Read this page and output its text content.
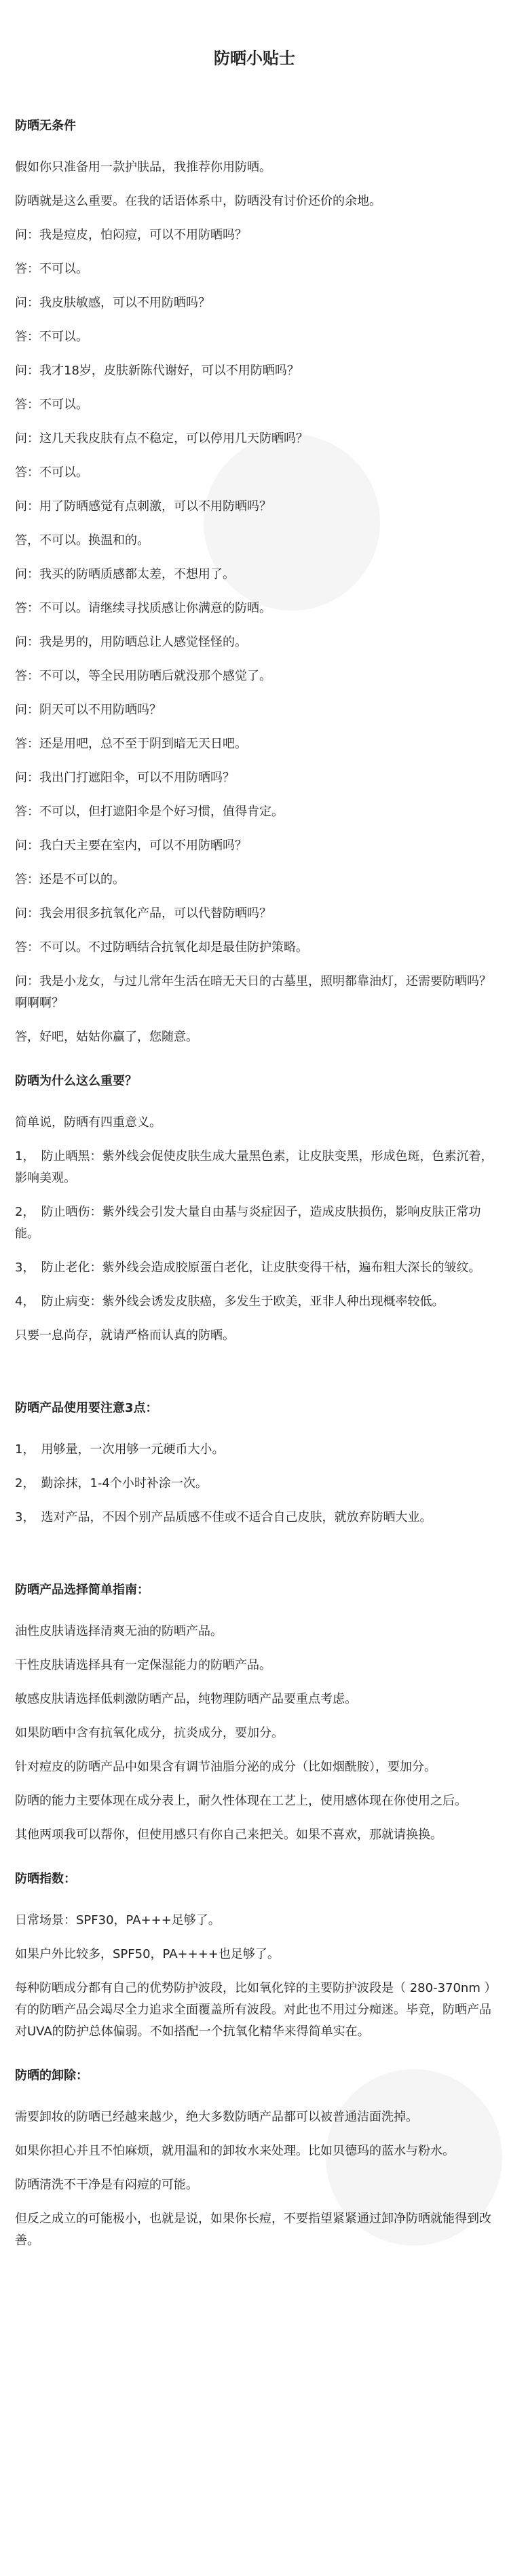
防晒小贴士
防晒无条件

假如你只准备用一款护肤品，我推荐你用防晒。

防晒就是这么重要。在我的话语体系中，防晒没有讨价还价的余地。

问：我是痘皮，怕闷痘，可以不用防晒吗？

答：不可以。

问：我皮肤敏感，可以不用防晒吗？

答：不可以。

问：我才18岁，皮肤新陈代谢好，可以不用防晒吗？

答：不可以。

问：这几天我皮肤有点不稳定，可以停用几天防晒吗？

答：不可以。

问：用了防晒感觉有点刺激，可以不用防晒吗？

答，不可以。换温和的。

问：我买的防晒质感都太差，不想用了。

答：不可以。请继续寻找质感让你满意的防晒。

问：我是男的，用防晒总让人感觉怪怪的。

答：不可以，等全民用防晒后就没那个感觉了。

问：阴天可以不用防晒吗？

答：还是用吧，总不至于阴到暗无天日吧。

问：我出门打遮阳伞，可以不用防晒吗？

答：不可以，但打遮阳伞是个好习惯，值得肯定。

问：我白天主要在室内，可以不用防晒吗？

答：还是不可以的。

问：我会用很多抗氧化产品，可以代替防晒吗？

答：不可以。不过防晒结合抗氧化却是最佳防护策略。

问：我是小龙女，与过儿常年生活在暗无天日的古墓里，照明都靠油灯，还需要防晒吗？啊啊啊？

答，好吧，姑姑你赢了，您随意。

防晒为什么这么重要？

简单说，防晒有四重意义。

1，　防止晒黑：紫外线会促使皮肤生成大量黑色素，让皮肤变黑，形成色斑，色素沉着，影响美观。

2，　防止晒伤：紫外线会引发大量自由基与炎症因子，造成皮肤损伤，影响皮肤正常功能。

3，　防止老化：紫外线会造成胶原蛋白老化，让皮肤变得干枯，遍布粗大深长的皱纹。

4，　防止病变：紫外线会诱发皮肤癌，多发生于欧美，亚非人种出现概率较低。

只要一息尚存，就请严格而认真的防晒。

防晒产品使用要注意3点：

1，　用够量，一次用够一元硬币大小。

2，　勤涂抹，1-4个小时补涂一次。

3，　选对产品，不因个别产品质感不佳或不适合自己皮肤，就放弃防晒大业。

防晒产品选择简单指南：

油性皮肤请选择清爽无油的防晒产品。

干性皮肤请选择具有一定保湿能力的防晒产品。

敏感皮肤请选择低刺激防晒产品，纯物理防晒产品要重点考虑。

如果防晒中含有抗氧化成分，抗炎成分，要加分。

针对痘皮的防晒产品中如果含有调节油脂分泌的成分（比如烟酰胺），要加分。

防晒的能力主要体现在成分表上，耐久性体现在工艺上，使用感体现在你使用之后。

其他两项我可以帮你，但使用感只有你自己来把关。如果不喜欢，那就请换换。

防晒指数：

日常场景：SPF30，PA+++足够了。

如果户外比较多，SPF50，PA++++也足够了。

每种防晒成分都有自己的优势防护波段，比如氧化锌的主要防护波段是（ 280-370nm ）有的防晒产品会竭尽全力追求全面覆盖所有波段。对此也不用过分痴迷。毕竟，防晒产品对UVA的防护总体偏弱。不如搭配一个抗氧化精华来得简单实在。

防晒的卸除：

需要卸妆的防晒已经越来越少，绝大多数防晒产品都可以被普通洁面洗掉。

如果你担心并且不怕麻烦，就用温和的卸妆水来处理。比如贝德玛的蓝水与粉水。

防晒清洗不干净是有闷痘的可能。

但反之成立的可能极小，也就是说，如果你长痘，不要指望紧紧通过卸净防晒就能得到改善。
